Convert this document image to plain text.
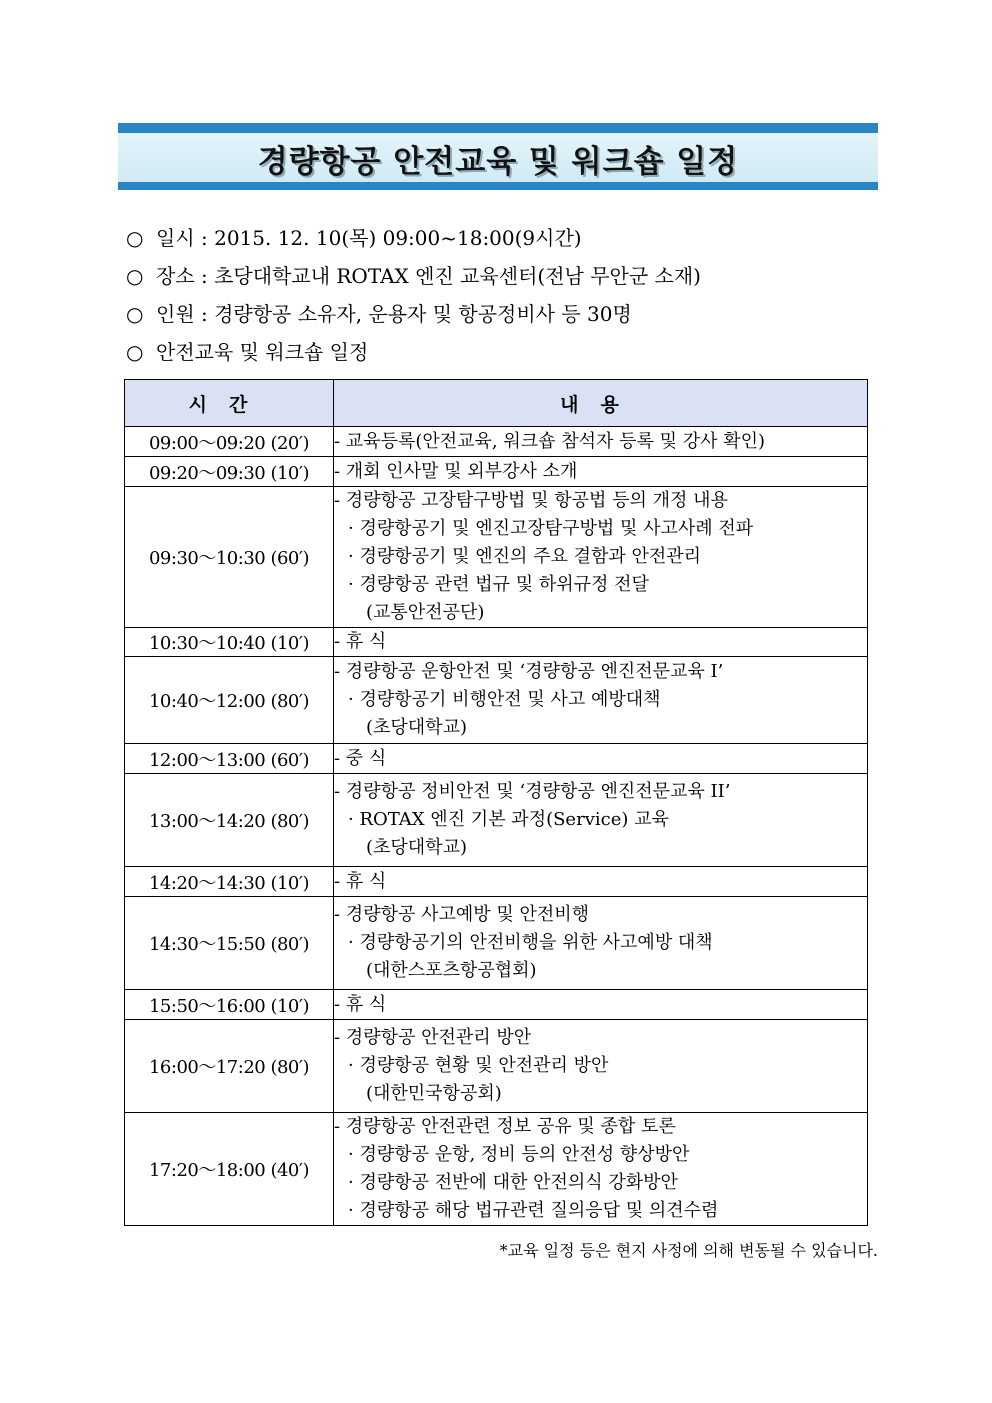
경량항공 안전교육 및 워크숍 일정
○ 일시 : 2015. 12. 10(목) 09:00~18:00(9시간)
○ 장소 : 초당대학교내 ROTAX 엔진 교육센터(전남 무안군 소재)
○ 인원 : 경량항공 소유자, 운용자 및 항공정비사 등 30명
○ 안전교육 및 워크숍 일정
시간	내용
09:00～09:20 (20′)	- 교육등록(안전교육, 워크숍 참석자 등록 및 강사 확인)

09:20～09:30 (10′)	- 개회 인사말 및 외부강사 소개

09:30～10:30 (60′)	- 경량항공 고장탐구방법 및 항공법 등의 개정 내용
· 경량항공기 및 엔진고장탐구방법 및 사고사례 전파
· 경량항공기 및 엔진의 주요 결함과 안전관리
· 경량항공 관련 법규 및 하위규정 전달
(교통안전공단)

10:30～10:40 (10′)	- 휴 식

10:40～12:00 (80′)	- 경량항공 운항안전 및 ‘경량항공 엔진전문교육 I’
· 경량항공기 비행안전 및 사고 예방대책
(초당대학교)

12:00～13:00 (60′)	- 중 식

13:00～14:20 (80′)	- 경량항공 정비안전 및 ‘경량항공 엔진전문교육 II’
· ROTAX 엔진 기본 과정(Service) 교육
(초당대학교)

14:20～14:30 (10′)	- 휴 식

14:30～15:50 (80′)	- 경량항공 사고예방 및 안전비행
· 경량항공기의 안전비행을 위한 사고예방 대책
(대한스포츠항공협회)

15:50～16:00 (10′)	- 휴 식

16:00～17:20 (80′)	- 경량항공 안전관리 방안
· 경량항공 현황 및 안전관리 방안
(대한민국항공회)

17:20～18:00 (40′)	- 경량항공 안전관련 정보 공유 및 종합 토론
· 경량항공 운항, 정비 등의 안전성 향상방안
· 경량항공 전반에 대한 안전의식 강화방안
· 경량항공 해당 법규관련 질의응답 및 의견수렴
*교육 일정 등은 현지 사정에 의해 변동될 수 있습니다.
